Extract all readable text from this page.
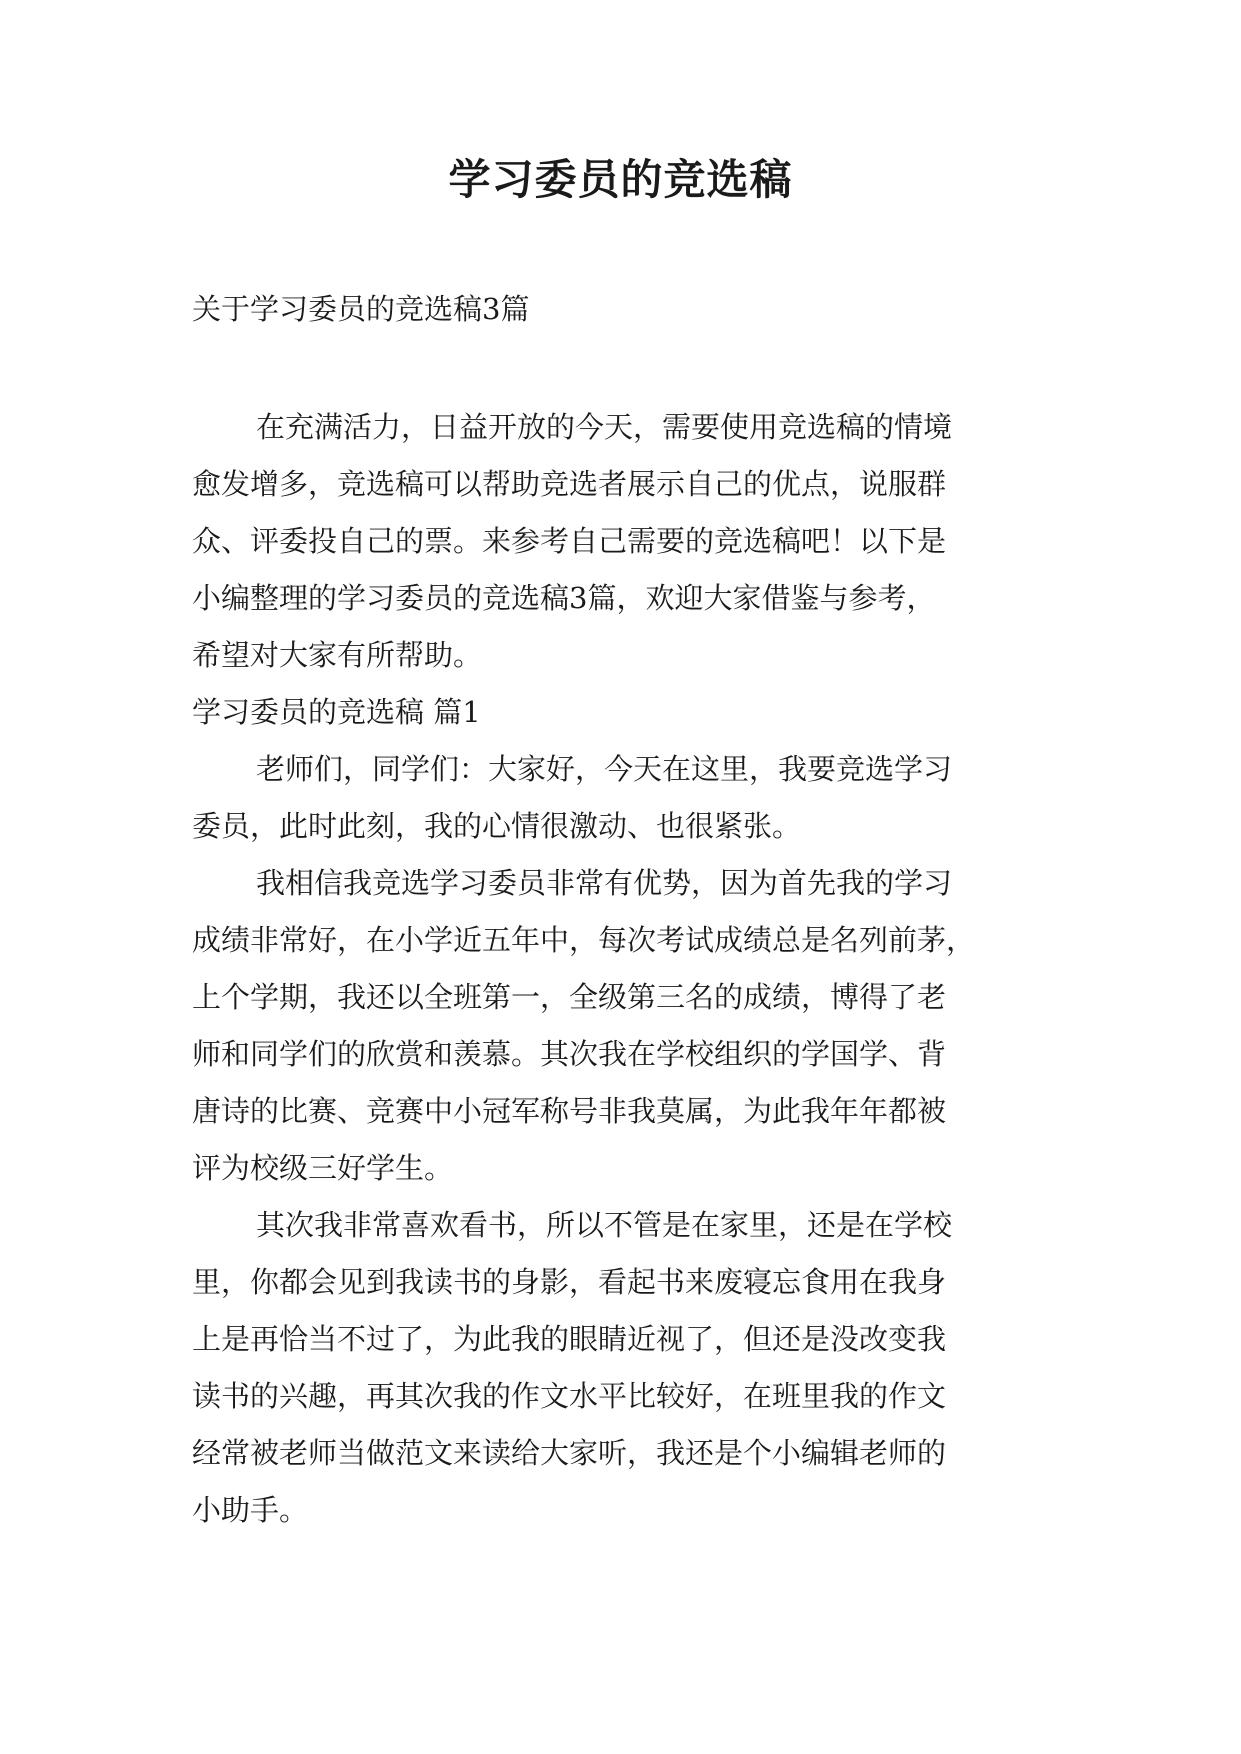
学习委员的竞选稿

关于学习委员的竞选稿3篇

在充满活力，日益开放的今天，需要使用竞选稿的情境
愈发增多，竞选稿可以帮助竞选者展示自己的优点，说服群
众、评委投自己的票。来参考自己需要的竞选稿吧！以下是
小编整理的学习委员的竞选稿3篇，欢迎大家借鉴与参考，
希望对大家有所帮助。

学习委员的竞选稿 篇1

老师们，同学们：大家好，今天在这里，我要竞选学习
委员，此时此刻，我的心情很激动、也很紧张。

我相信我竞选学习委员非常有优势，因为首先我的学习
成绩非常好，在小学近五年中，每次考试成绩总是名列前茅，
上个学期，我还以全班第一，全级第三名的成绩，博得了老
师和同学们的欣赏和羡慕。其次我在学校组织的学国学、背
唐诗的比赛、竞赛中小冠军称号非我莫属，为此我年年都被
评为校级三好学生。

其次我非常喜欢看书，所以不管是在家里，还是在学校
里，你都会见到我读书的身影，看起书来废寝忘食用在我身
上是再恰当不过了，为此我的眼睛近视了，但还是没改变我
读书的兴趣，再其次我的作文水平比较好，在班里我的作文
经常被老师当做范文来读给大家听，我还是个小编辑老师的
小助手。
